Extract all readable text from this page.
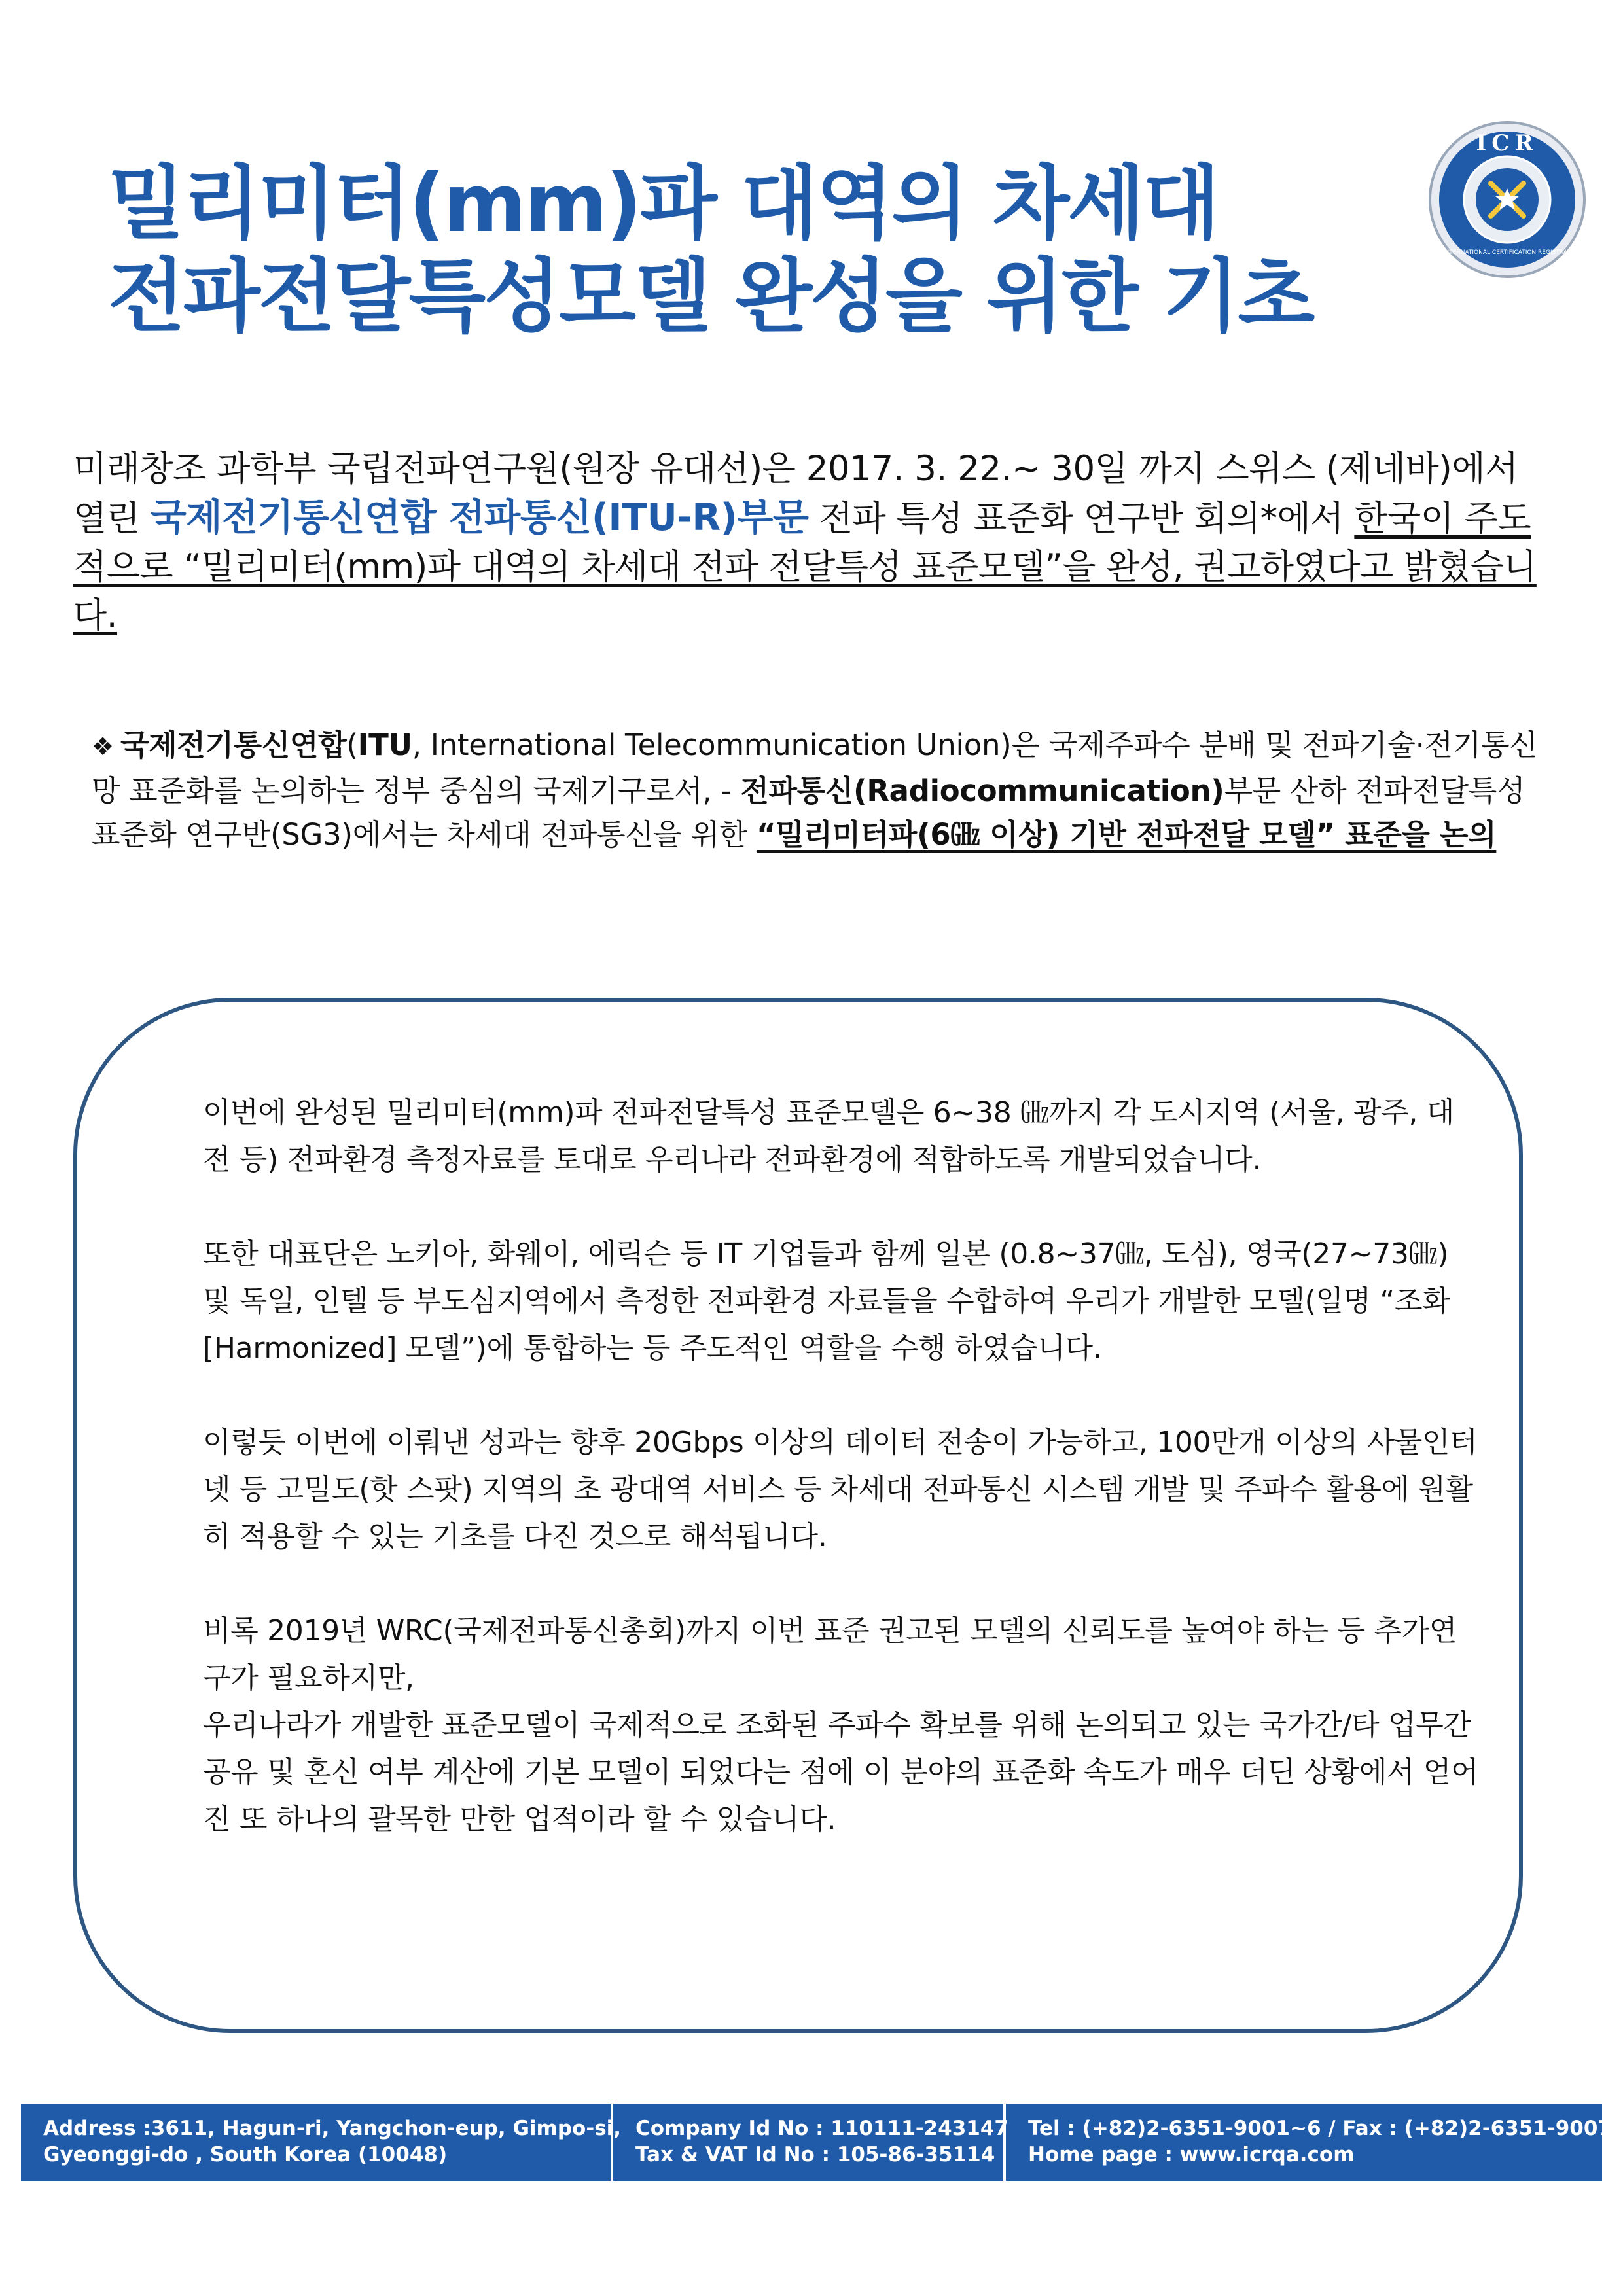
밀리미터(mm)파 대역의 차세대
전파전달특성모델 완성을 위한 기초
ICR
INTERNATIONAL CERTIFICATION REGISTRAR

미래창조 과학부 국립전파연구원(원장 유대선)은 2017. 3. 22.~ 30일 까지 스위스 (제네바)에서 열린 국제전기통신연합 전파통신(ITU-R)부문 전파 특성 표준화 연구반 회의*에서 한국이 주도적으로 “밀리미터(mm)파 대역의 차세대 전파 전달특성 표준모델”을 완성, 권고하였다고 밝혔습니다.

❖ 국제전기통신연합(ITU, International Telecommunication Union)은 국제주파수 분배 및 전파기술·전기통신망 표준화를 논의하는 정부 중심의 국제기구로서, - 전파통신(Radiocommunication)부문 산하 전파전달특성 표준화 연구반(SG3)에서는 차세대 전파통신을 위한 “밀리미터파(6㎓ 이상) 기반 전파전달 모델” 표준을 논의

이번에 완성된 밀리미터(mm)파 전파전달특성 표준모델은 6~38 ㎓까지 각 도시지역 (서울, 광주, 대전 등) 전파환경 측정자료를 토대로 우리나라 전파환경에 적합하도록 개발되었습니다.

또한 대표단은 노키아, 화웨이, 에릭슨 등 IT 기업들과 함께 일본 (0.8~37㎓, 도심), 영국(27~73㎓) 및 독일, 인텔 등 부도심지역에서 측정한 전파환경 자료들을 수합하여 우리가 개발한 모델(일명 “조화[Harmonized] 모델”)에 통합하는 등 주도적인 역할을 수행 하였습니다.

이렇듯 이번에 이뤄낸 성과는 향후 20Gbps 이상의 데이터 전송이 가능하고, 100만개 이상의 사물인터넷 등 고밀도(핫 스팟) 지역의 초 광대역 서비스 등 차세대 전파통신 시스템 개발 및 주파수 활용에 원활히 적용할 수 있는 기초를 다진 것으로 해석됩니다.

비록 2019년 WRC(국제전파통신총회)까지 이번 표준 권고된 모델의 신뢰도를 높여야 하는 등 추가연구가 필요하지만,

우리나라가 개발한 표준모델이 국제적으로 조화된 주파수 확보를 위해 논의되고 있는 국가간/타 업무간 공유 및 혼신 여부 계산에 기본 모델이 되었다는 점에 이 분야의 표준화 속도가 매우 더딘 상황에서 얻어진 또 하나의 괄목한 만한 업적이라 할 수 있습니다.

Address :3611, Hagun-ri, Yangchon-eup, Gimpo-si,

Gyeonggi-do , South Korea (10048)

Company Id No : 110111-243147

Tax & VAT Id No : 105-86-35114

Tel : (+82)2-6351-9001~6 / Fax : (+82)2-6351-9007

Home page : www.icrqa.com
